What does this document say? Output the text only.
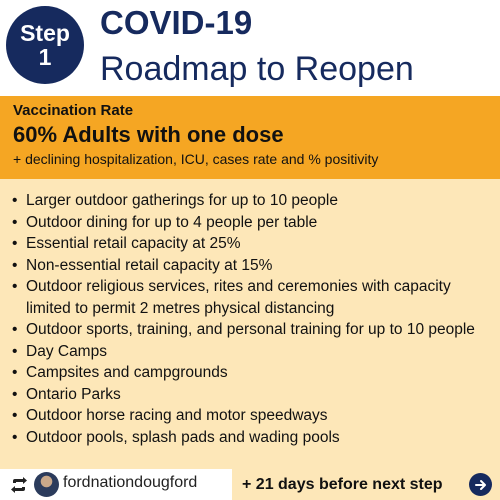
Step
1
COVID-19
Roadmap to Reopen
Vaccination Rate
60% Adults with one dose
+ declining hospitalization, ICU, cases rate and % positivity
• Larger outdoor gatherings for up to 10 people
• Outdoor dining for up to 4 people per table
• Essential retail capacity at 25%
• Non-essential retail capacity at 15%
• Outdoor religious services, rites and ceremonies with capacity limited to permit 2 metres physical distancing
• Outdoor sports, training, and personal training for up to 10 people
• Day Camps
• Campsites and campgrounds
• Ontario Parks
• Outdoor horse racing and motor speedways
• Outdoor pools, splash pads and wading pools
fordnationdougford	+ 21 days before next step
